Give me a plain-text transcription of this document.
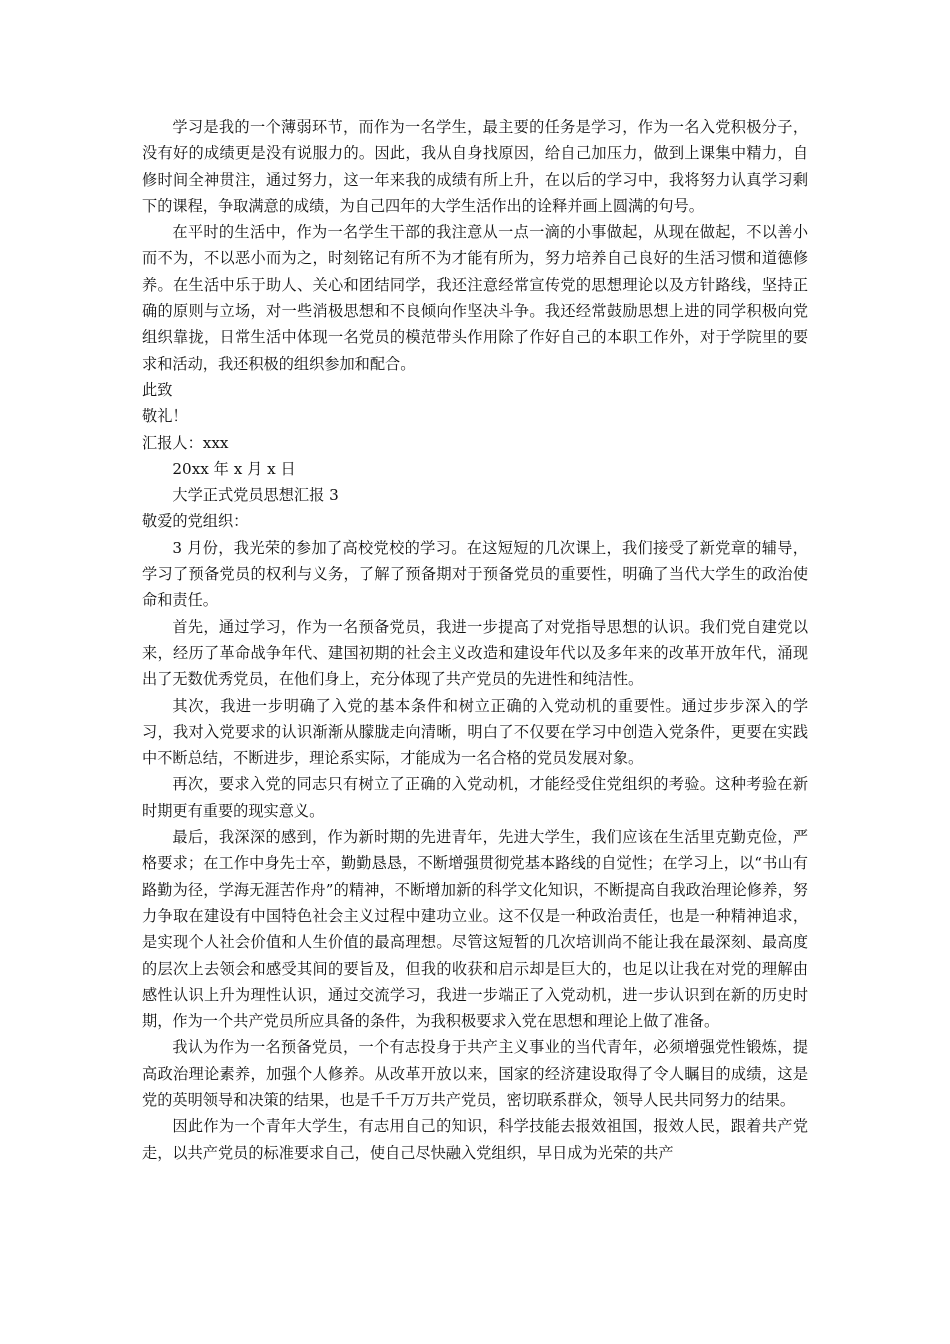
学习是我的一个薄弱环节，而作为一名学生，最主要的任务是学习，作为一名入党积极分子，没有好的成绩更是没有说服力的。因此，我从自身找原因，给自己加压力，做到上课集中精力，自修时间全神贯注，通过努力，这一年来我的成绩有所上升，在以后的学习中，我将努力认真学习剩下的课程，争取满意的成绩，为自己四年的大学生活作出的诠释并画上圆满的句号。

在平时的生活中，作为一名学生干部的我注意从一点一滴的小事做起，从现在做起，不以善小而不为，不以恶小而为之，时刻铭记有所不为才能有所为，努力培养自己良好的生活习惯和道德修养。在生活中乐于助人、关心和团结同学，我还注意经常宣传党的思想理论以及方针路线，坚持正确的原则与立场，对一些消极思想和不良倾向作坚决斗争。我还经常鼓励思想上进的同学积极向党组织靠拢，日常生活中体现一名党员的模范带头作用除了作好自己的本职工作外，对于学院里的要求和活动，我还积极的组织参加和配合。

此致

敬礼！

汇报人：xxx

20xx 年 x 月 x 日

大学正式党员思想汇报 3

敬爱的党组织：

3 月份，我光荣的参加了高校党校的学习。在这短短的几次课上，我们接受了新党章的辅导，学习了预备党员的权利与义务，了解了预备期对于预备党员的重要性，明确了当代大学生的政治使命和责任。

首先，通过学习，作为一名预备党员，我进一步提高了对党指导思想的认识。我们党自建党以来，经历了革命战争年代、建国初期的社会主义改造和建设年代以及多年来的改革开放年代，涌现出了无数优秀党员，在他们身上，充分体现了共产党员的先进性和纯洁性。

其次，我进一步明确了入党的基本条件和树立正确的入党动机的重要性。通过步步深入的学习，我对入党要求的认识渐渐从朦胧走向清晰，明白了不仅要在学习中创造入党条件，更要在实践中不断总结，不断进步，理论系实际，才能成为一名合格的党员发展对象。

再次，要求入党的同志只有树立了正确的入党动机，才能经受住党组织的考验。这种考验在新时期更有重要的现实意义。

最后，我深深的感到，作为新时期的先进青年，先进大学生，我们应该在生活里克勤克俭，严格要求；在工作中身先士卒，勤勤恳恳，不断增强贯彻党基本路线的自觉性；在学习上，以“书山有路勤为径，学海无涯苦作舟”的精神，不断增加新的科学文化知识，不断提高自我政治理论修养，努力争取在建设有中国特色社会主义过程中建功立业。这不仅是一种政治责任，也是一种精神追求，是实现个人社会价值和人生价值的最高理想。尽管这短暂的几次培训尚不能让我在最深刻、最高度的层次上去领会和感受其间的要旨及，但我的收获和启示却是巨大的，也足以让我在对党的理解由感性认识上升为理性认识，通过交流学习，我进一步端正了入党动机，进一步认识到在新的历史时期，作为一个共产党员所应具备的条件，为我积极要求入党在思想和理论上做了准备。

我认为作为一名预备党员，一个有志投身于共产主义事业的当代青年，必须增强党性锻炼，提高政治理论素养，加强个人修养。从改革开放以来，国家的经济建设取得了令人瞩目的成绩，这是党的英明领导和决策的结果，也是千千万万共产党员，密切联系群众，领导人民共同努力的结果。

因此作为一个青年大学生，有志用自己的知识，科学技能去报效祖国，报效人民，跟着共产党走，以共产党员的标准要求自己，使自己尽快融入党组织，早日成为光荣的共产
